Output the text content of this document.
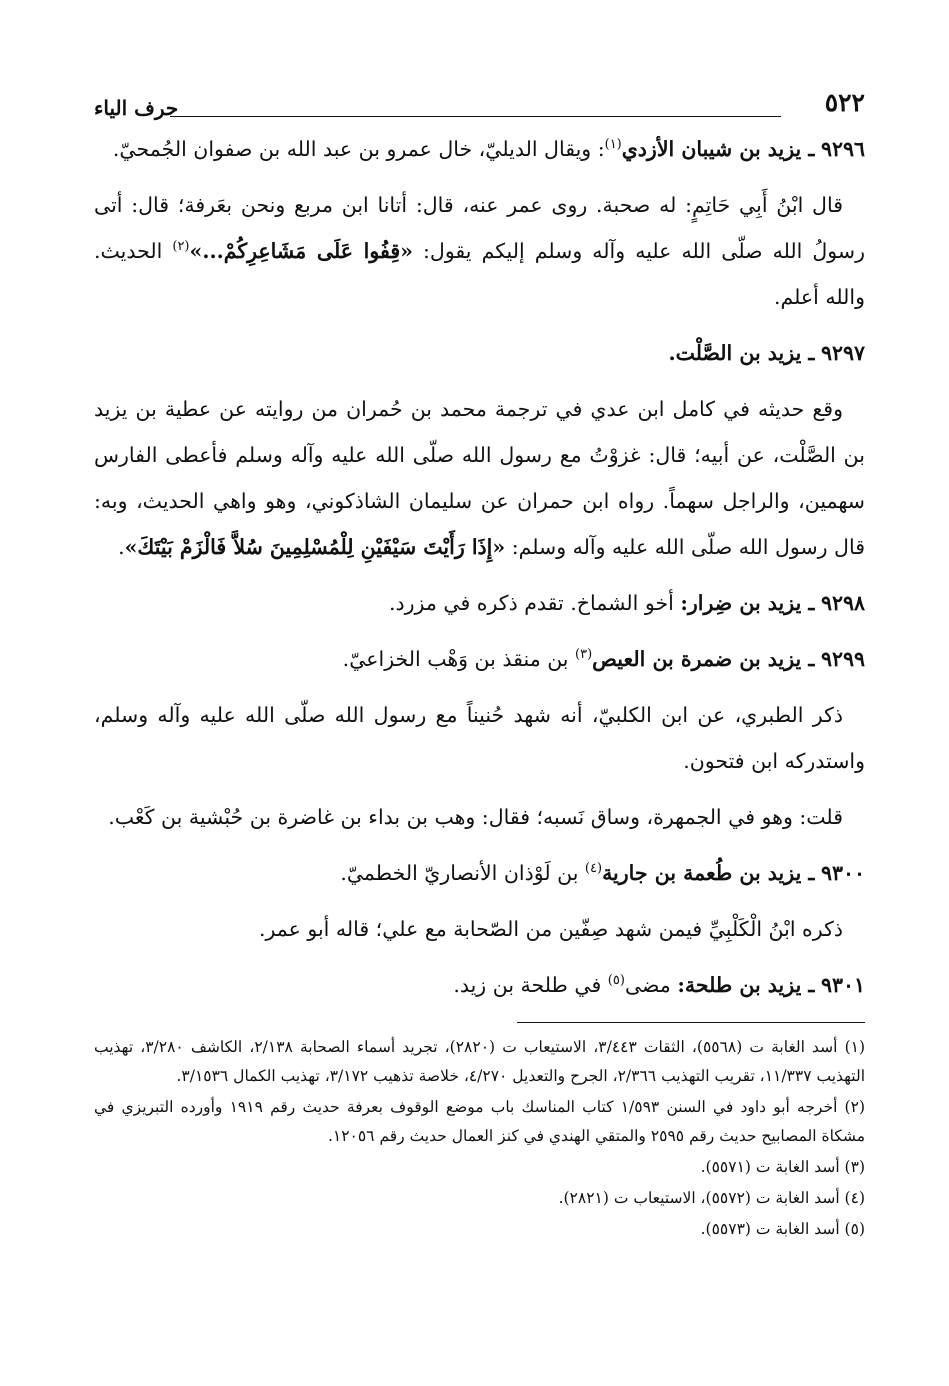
٥٢٢
حرف الياء

٩٢٩٦ ـ يزيد بن شيبان الأزدي$^{(١)}$: ويقال الديليّ، خال عمرو بن عبد الله بن صفوان الجُمحيّ.

قال ابْنُ أَبِي حَاتِمٍ: له صحبة. روى عمر عنه، قال: أتانا ابن مربع ونحن بعَرفة؛ قال: أتى رسولُ الله صلّى الله عليه وآله وسلم إليكم يقول: «قِفُوا عَلَى مَشَاعِرِكُمْ...»$^{(٢)}$ الحديث. والله أعلم.

٩٢٩٧ ـ يزيد بن الصَّلْت.

وقع حديثه في كامل ابن عدي في ترجمة محمد بن حُمران من روايته عن عطية بن يزيد بن الصَّلْت، عن أبيه؛ قال: غزوْتُ مع رسول الله صلّى الله عليه وآله وسلم فأعطى الفارس سهمين، والراجل سهماً. رواه ابن حمران عن سليمان الشاذكوني، وهو واهي الحديث، وبه: قال رسول الله صلّى الله عليه وآله وسلم: «إِذَا رَأَيْتَ سَيْفَيْنِ لِلْمُسْلِمِينَ سُلاَّ فَالْزَمْ بَيْتَكَ».

٩٢٩٨ ـ يزيد بن ضِرار: أخو الشماخ. تقدم ذكره في مزرد.

٩٢٩٩ ـ يزيد بن ضمرة بن العيص$^{(٣)}$ بن منقذ بن وَهْب الخزاعيّ.

ذكر الطبري، عن ابن الكلبيّ، أنه شهد حُنيناً مع رسول الله صلّى الله عليه وآله وسلم، واستدركه ابن فتحون.

قلت: وهو في الجمهرة، وساق نَسبه؛ فقال: وهب بن بداء بن غاضرة بن حُبْشية بن كَعْب.

٩٣٠٠ ـ يزيد بن طُعمة بن جارية$^{(٤)}$ بن لَوْذان الأنصاريّ الخطميّ.

ذكره ابْنُ الْكَلْبِيِّ فيمن شهد صِفّين من الصّحابة مع علي؛ قاله أبو عمر.

٩٣٠١ ـ يزيد بن طلحة: مضى$^{(٥)}$ في طلحة بن زيد.

(١) أسد الغابة ت (٥٥٦٨)، الثقات ٣/٤٤٣، الاستيعاب ت (٢٨٢٠)، تجريد أسماء الصحابة ٢/١٣٨، الكاشف ٣/٢٨٠، تهذيب التهذيب ١١/٣٣٧، تقريب التهذيب ٢/٣٦٦، الجرح والتعديل ٤/٢٧٠، خلاصة تذهيب ٣/١٧٢، تهذيب الكمال ٣/١٥٣٦.

(٢) أخرجه أبو داود في السنن ١/٥٩٣ كتاب المناسك باب موضع الوقوف بعرفة حديث رقم ١٩١٩ وأورده التبريزي في مشكاة المصابيح حديث رقم ٢٥٩٥ والمتقي الهندي في كنز العمال حديث رقم ١٢٠٥٦.

(٣) أسد الغابة ت (٥٥٧١).

(٤) أسد الغابة ت (٥٥٧٢)، الاستيعاب ت (٢٨٢١).

(٥) أسد الغابة ت (٥٥٧٣).
